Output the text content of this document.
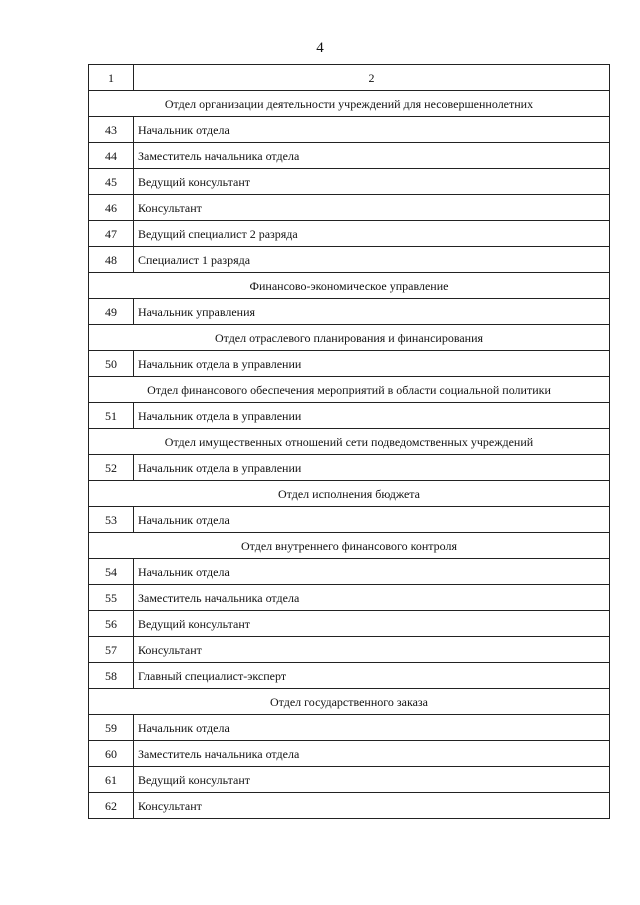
4
1	2
Отдел организации деятельности учреждений для несовершеннолетних	
43	Начальник отдела
44	Заместитель начальника отдела
45	Ведущий консультант
46	Консультант
47	Ведущий специалист 2 разряда
48	Специалист 1 разряда
Финансово-экономическое управление	
49	Начальник управления
Отдел отраслевого планирования и финансирования	
50	Начальник отдела в управлении
Отдел финансового обеспечения мероприятий в области социальной политики	
51	Начальник отдела в управлении
Отдел имущественных отношений сети подведомственных учреждений	
52	Начальник отдела в управлении
Отдел исполнения бюджета	
53	Начальник отдела
Отдел внутреннего финансового контроля	
54	Начальник отдела
55	Заместитель начальника отдела
56	Ведущий консультант
57	Консультант
58	Главный специалист-эксперт
Отдел государственного заказа	
59	Начальник отдела
60	Заместитель начальника отдела
61	Ведущий консультант
62	Консультант
